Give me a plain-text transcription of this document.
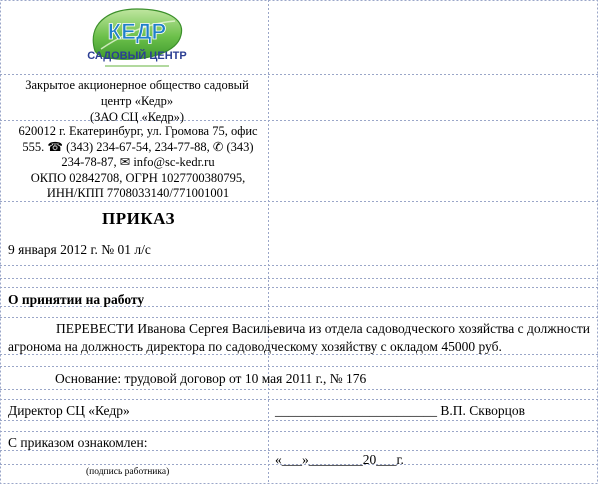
КЕДР
САДОВЫЙ ЦЕНТР
Закрытое акционерное общество садовый
центр «Кедр»
(ЗАО СЦ «Кедр»)
620012 г. Екатеринбург, ул. Громова 75, офис
555. ☎ (343) 234-67-54, 234-77-88, ✆ (343)
234-78-87, ✉ info@sc-kedr.ru
ОКПО 02842708, ОГРН 1027700380795,
ИНН/КПП 7708033140/771001001
ПРИКАЗ
9 января 2012 г. № 01 л/с
О принятии на работу
ПЕРЕВЕСТИ Иванова Сергея Васильевича из отдела садоводческого хозяйства с должности агронома на должность директора по садоводческому хозяйству с окладом 45000 руб.
Основание: трудовой договор от 10 мая 2011 г., № 176
Директор СЦ «Кедр»	________________________ В.П. Скворцов
С приказом ознакомлен:
«___»________20___г.
(подпись работника)
